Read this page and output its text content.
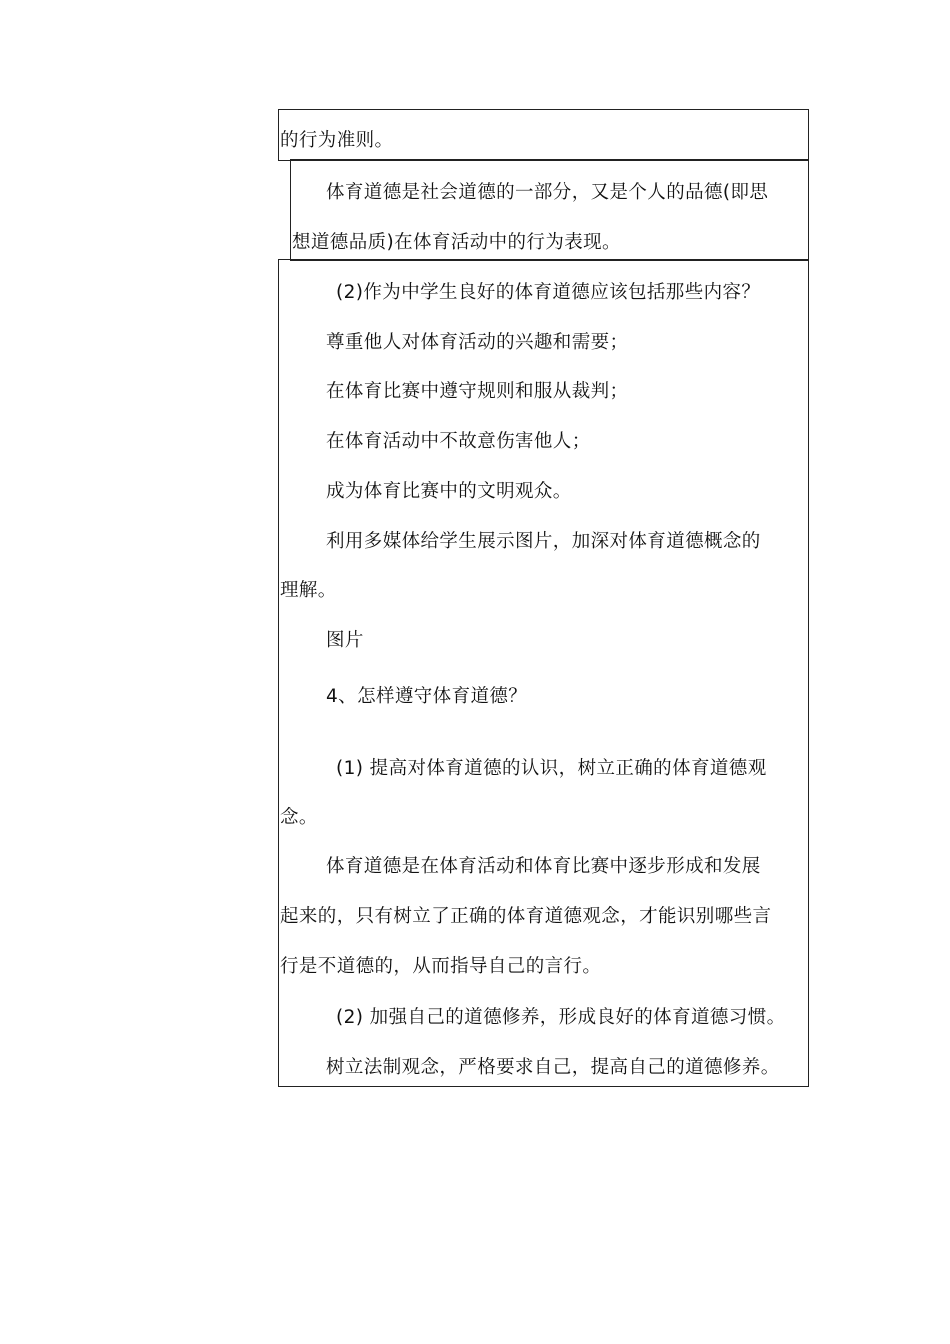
的行为准则。
体育道德是社会道德的一部分，又是个人的品德(即思
想道德品质)在体育活动中的行为表现。
(2)作为中学生良好的体育道德应该包括那些内容？
尊重他人对体育活动的兴趣和需要；
在体育比赛中遵守规则和服从裁判；
在体育活动中不故意伤害他人；
成为体育比赛中的文明观众。
利用多媒体给学生展示图片，加深对体育道德概念的
理解。
图片
4、怎样遵守体育道德？
(1) 提高对体育道德的认识，树立正确的体育道德观
念。
体育道德是在体育活动和体育比赛中逐步形成和发展
起来的，只有树立了正确的体育道德观念，才能识别哪些言
行是不道德的，从而指导自己的言行。
(2) 加强自己的道德修养，形成良好的体育道德习惯。
树立法制观念，严格要求自己，提高自己的道德修养。
